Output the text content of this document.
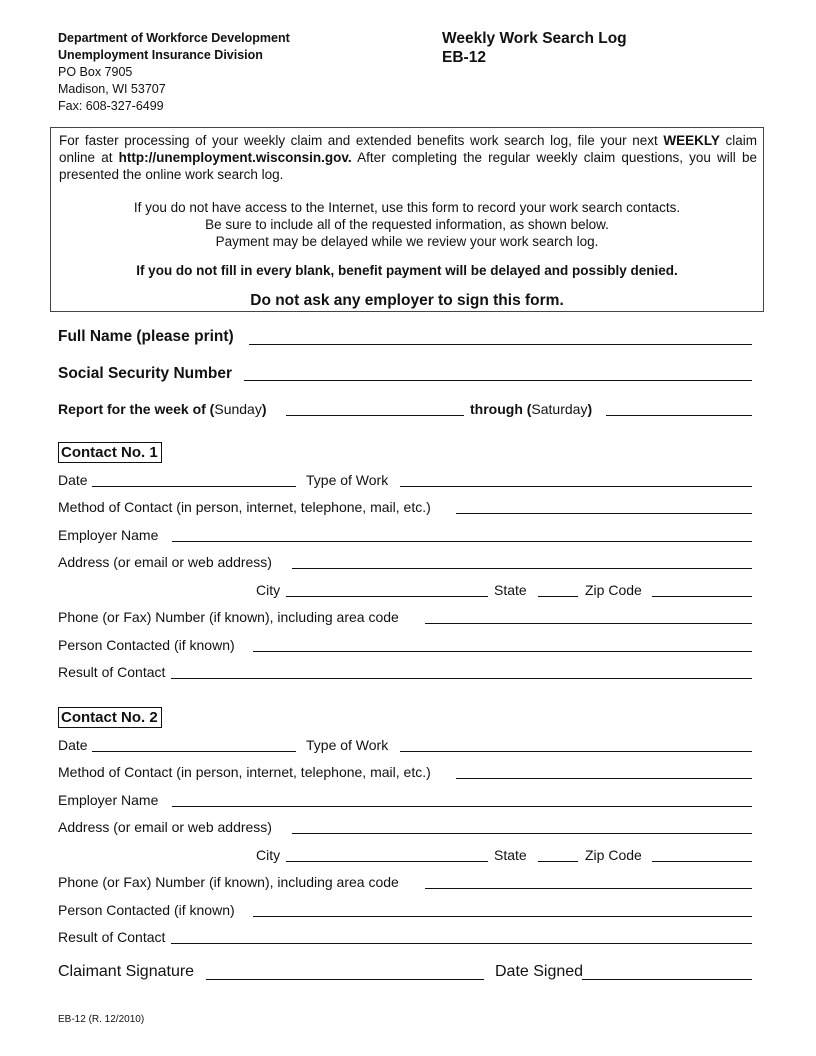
Department of Workforce Development
Unemployment Insurance Division
PO Box 7905
Madison, WI 53707
Fax: 608-327-6499
Weekly Work Search Log
EB-12
For faster processing of your weekly claim and extended benefits work search log, file your next WEEKLY claim online at http://unemployment.wisconsin.gov. After completing the regular weekly claim questions, you will be presented the online work search log.
If you do not have access to the Internet, use this form to record your work search contacts.
Be sure to include all of the requested information, as shown below.
Payment may be delayed while we review your work search log.
If you do not fill in every blank, benefit payment will be delayed and possibly denied.
Do not ask any employer to sign this form.
Full Name (please print)
Social Security Number
Report for the week of (Sunday)	through (Saturday)
Contact No. 1
Date	Type of Work
Method of Contact (in person, internet, telephone, mail, etc.)
Employer Name
Address (or email or web address)
City	State	Zip Code
Phone (or Fax) Number (if known), including area code
Person Contacted (if known)
Result of Contact
Contact No. 2
Date	Type of Work
Method of Contact (in person, internet, telephone, mail, etc.)
Employer Name
Address (or email or web address)
City	State	Zip Code
Phone (or Fax) Number (if known), including area code
Person Contacted (if known)
Result of Contact
Claimant Signature	Date Signed
EB-12 (R. 12/2010)
